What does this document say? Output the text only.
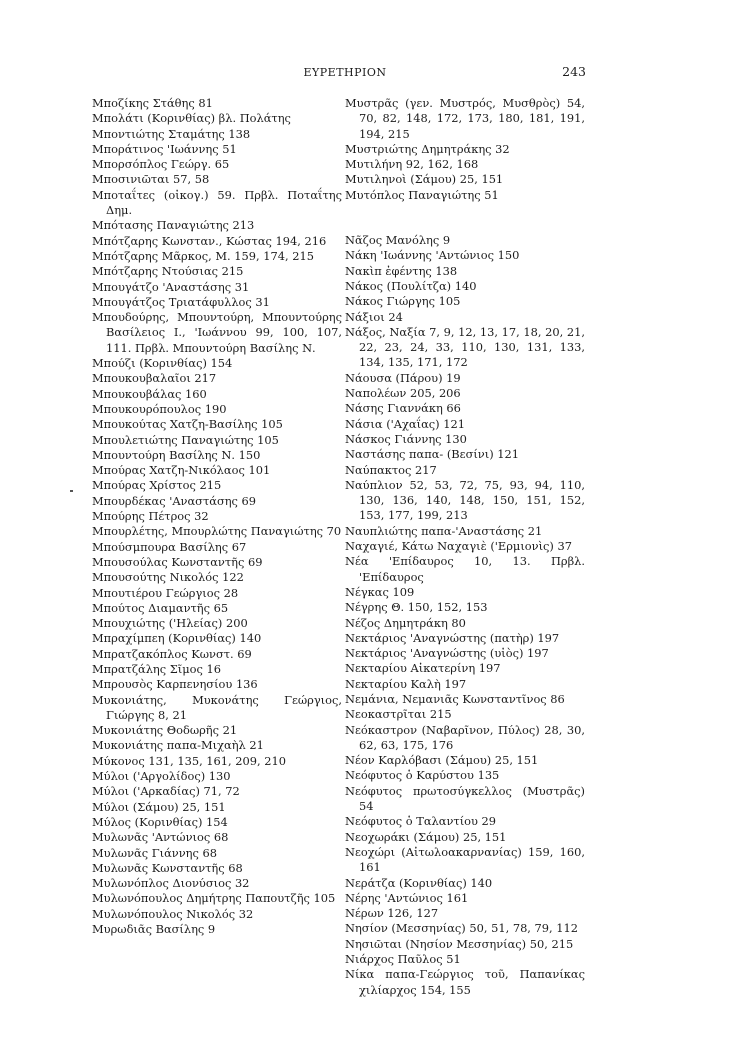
ΕΥΡΕΤΗΡΙΟΝ	243
Μποζίκης Στάθης 81
Μπολάτι (Κορινθίας) βλ. Πολάτης
Μποντιώτης Σταμάτης 138
Μποράτινος 'Ιωάννης 51
Μπορσόπλος Γεώργ. 65
Μποσινιῶται 57, 58
Μποταΐτες (οἰκογ.) 59. Πρβλ. Ποταΐτης Δημ.
Μπότασης Παναγιώτης 213
Μπότζαρης Κωνσταν., Κώστας 194, 216
Μπότζαρης Μᾶρκος, Μ. 159, 174, 215
Μπότζαρης Ντούσιας 215
Μπουγάτζο 'Αναστάσης 31
Μπουγάτζος Τριατάφυλλος 31
Μπουδούρης, Μπουντούρη, Μπουντούρης Βασίλειος Ι., 'Ιωάννου 99, 100, 107, 111. Πρβλ. Μπουντούρη Βασίλης Ν.
Μπούζι (Κορινθίας) 154
Μπουκουβαλαῖοι 217
Μπουκουβάλας 160
Μπουκουρόπουλος 190
Μπουκούτας Χατζη-Βασίλης 105
Μπουλετιώτης Παναγιώτης 105
Μπουντούρη Βασίλης Ν. 150
Μπούρας Χατζη-Νικόλαος 101
Μπούρας Χρίστος 215
Μπουρδέκας 'Αναστάσης 69
Μπούρης Πέτρος 32
Μπουρλέτης, Μπουρλώτης Παναγιώτης 70
Μπούσμπουρα Βασίλης 67
Μπουσούλας Κωνσταντῆς 69
Μπουσούτης Νικολός 122
Μπουτιέρου Γεώργιος 28
Μπούτος Διαμαντῆς 65
Μπουχιώτης ('Ηλείας) 200
Μπραχίμπεη (Κορινθίας) 140
Μπρατζακόπλος Κωνστ. 69
Μπρατζάλης Σῖμος 16
Μπρουσὸς Καρπενησίου 136
Μυκονιάτης, Μυκονάτης Γεώργιος, Γιώργης 8, 21
Μυκονιάτης Θοδωρῆς 21
Μυκονιάτης παπα-Μιχαὴλ 21
Μύκονος 131, 135, 161, 209, 210
Μύλοι ('Αργολίδος) 130
Μύλοι ('Αρκαδίας) 71, 72
Μύλοι (Σάμου) 25, 151
Μύλος (Κορινθίας) 154
Μυλωνᾶς 'Αντώνιος 68
Μυλωνᾶς Γιάννης 68
Μυλωνᾶς Κωνσταντῆς 68
Μυλωνόπλος Διονύσιος 32
Μυλωνόπουλος Δημήτρης Παπουτζῆς 105
Μυλωνόπουλος Νικολός 32
Μυρωδιᾶς Βασίλης 9
Μυστρᾶς (γεν. Μυστρός, Μυσθρὸς) 54, 70, 82, 148, 172, 173, 180, 181, 191, 194, 215
Μυστριώτης Δημητράκης 32
Μυτιλήνη 92, 162, 168
Μυτιληνοὶ (Σάμου) 25, 151
Μυτόπλος Παναγιώτης 51
Νᾶζος Μανόλης 9
Νάκη 'Ιωάννης 'Αντώνιος 150
Νακὶπ ἐφέντης 138
Νάκος (Πουλίτζα) 140
Νάκος Γιώργης 105
Νάξιοι 24
Νάξος, Ναξία 7, 9, 12, 13, 17, 18, 20, 21, 22, 23, 24, 33, 110, 130, 131, 133, 134, 135, 171, 172
Νάουσα (Πάρου) 19
Ναπολέων 205, 206
Νάσης Γιαννάκη 66
Νάσια ('Αχαΐας) 121
Νάσκος Γιάννης 130
Ναστάσης παπα- (Βεσίνι) 121
Ναύπακτος 217
Ναύπλιον 52, 53, 72, 75, 93, 94, 110, 130, 136, 140, 148, 150, 151, 152, 153, 177, 199, 213
Ναυπλιώτης παπα-'Αναστάσης 21
Ναχαγιέ, Κάτω Ναχαγιὲ ('Ερμιονὶς) 37
Νέα 'Επίδαυρος 10, 13. Πρβλ. 'Επίδαυρος
Νέγκας 109
Νέγρης Θ. 150, 152, 153
Νέζος Δημητράκη 80
Νεκτάριος 'Αναγνώστης (πατὴρ) 197
Νεκτάριος 'Αναγνώστης (υἱὸς) 197
Νεκταρίου Αἰκατερίνη 197
Νεκταρίου Καλὴ 197
Νεμάνια, Νεμανιᾶς Κωνσταντῖνος 86
Νεοκαστρῖται 215
Νεόκαστρον (Ναβαρῖνον, Πύλος) 28, 30, 62, 63, 175, 176
Νέον Καρλόβασι (Σάμου) 25, 151
Νεόφυτος ὁ Καρύστου 135
Νεόφυτος πρωτοσύγκελλος (Μυστρᾶς) 54
Νεόφυτος ὁ Ταλαντίου 29
Νεοχωράκι (Σάμου) 25, 151
Νεοχώρι (Αἰτωλοακαρνανίας) 159, 160, 161
Νεράτζα (Κορινθίας) 140
Νέρης 'Αντώνιος 161
Νέρων 126, 127
Νησίον (Μεσσηνίας) 50, 51, 78, 79, 112
Νησιῶται (Νησίον Μεσσηνίας) 50, 215
Νιάρχος Παῦλος 51
Νίκα παπα-Γεώργιος τοῦ, Παπανίκας χιλίαρχος 154, 155
